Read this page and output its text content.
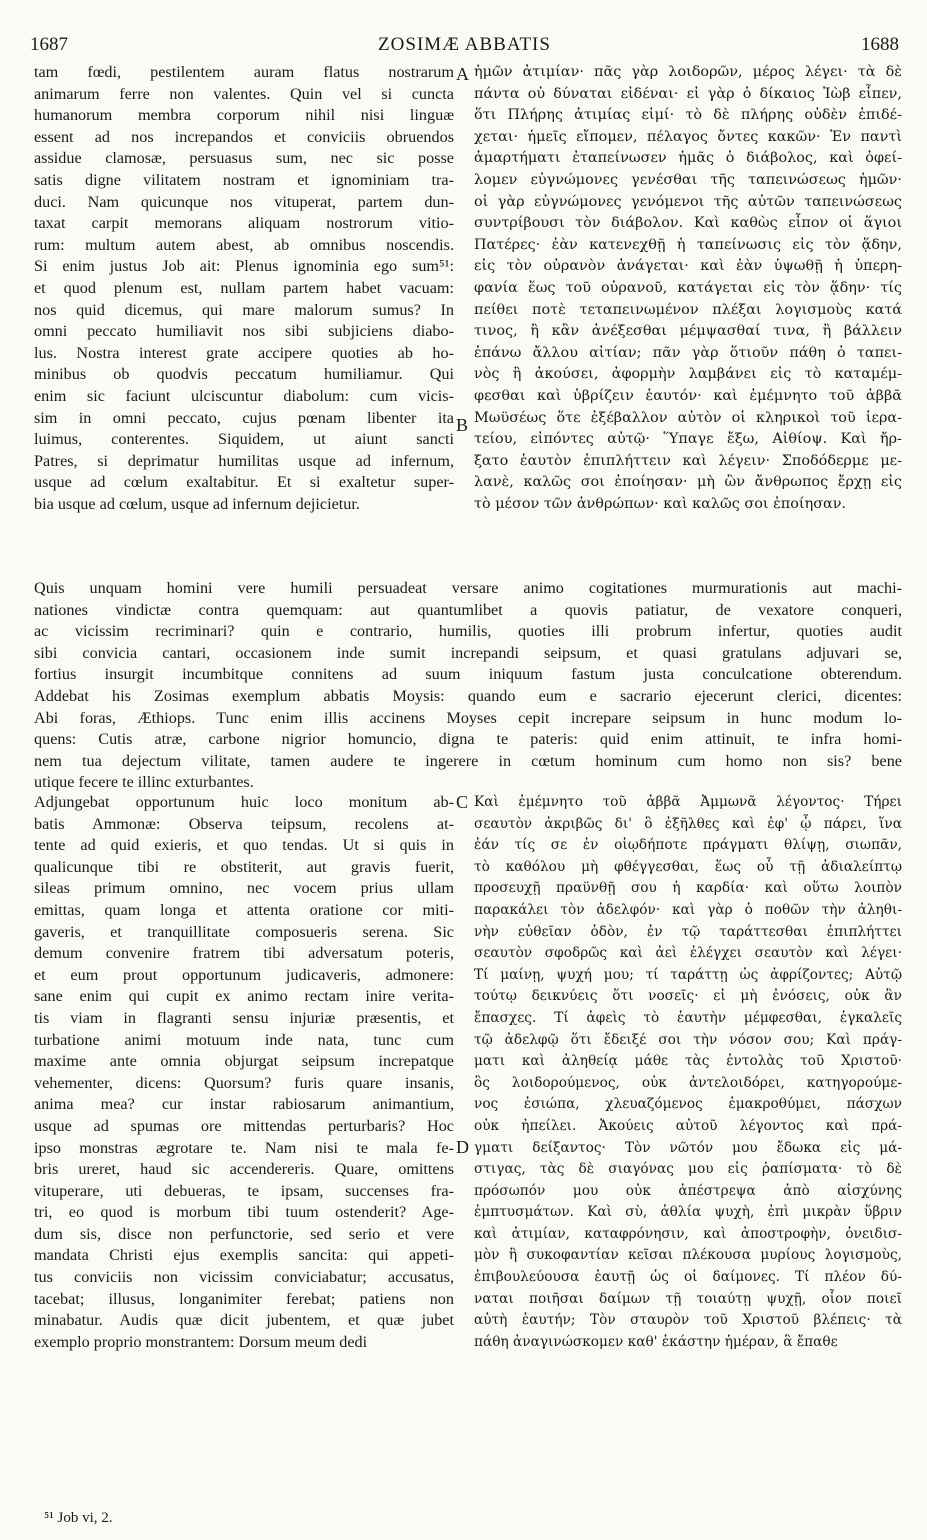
1687	ZOSIMÆ ABBATIS	1688
tam fœdi, pestilentem auram flatus nostrarum
animarum ferre non valentes. Quin vel si cuncta
humanorum membra corporum nihil nisi linguæ
essent ad nos increpandos et conviciis obruendos
assidue clamosæ, persuasus sum, nec sic posse
satis digne vilitatem nostram et ignominiam tra-
duci. Nam quicunque nos vituperat, partem dun-
taxat carpit memorans aliquam nostrorum vitio-
rum: multum autem abest, ab omnibus noscendis.
Si enim justus Job ait: Plenus ignominia ego sum⁵¹:
et quod plenum est, nullam partem habet vacuam:
nos quid dicemus, qui mare malorum sumus? In
omni peccato humiliavit nos sibi subjiciens diabo-
lus. Nostra interest grate accipere quoties ab ho-
minibus ob quodvis peccatum humiliamur. Qui
enim sic faciunt ulciscuntur diabolum: cum vicis-
sim in omni peccato, cujus pœnam libenter ita
luimus, conterentes. Siquidem, ut aiunt sancti
Patres, si deprimatur humilitas usque ad infernum,
usque ad cœlum exaltabitur. Et si exaltetur super-
bia usque ad cœlum, usque ad infernum dejicietur.
ἡμῶν ἀτιμίαν· πᾶς γὰρ λοιδορῶν, μέρος λέγει· τὰ δὲ
πάντα οὐ δύναται εἰδέναι· εἰ γὰρ ὁ δίκαιος Ἰὼβ εἶπεν,
ὅτι Πλήρης ἀτιμίας εἰμί· τὸ δὲ πλήρης οὐδὲν ἐπιδέ-
χεται· ἡμεῖς εἴπομεν, πέλαγος ὄντες κακῶν· Ἐν παντὶ
ἁμαρτήματι ἐταπείνωσεν ἡμᾶς ὁ διάβολος, καὶ ὀφεί-
λομεν εὐγνώμονες γενέσθαι τῆς ταπεινώσεως ἡμῶν·
οἱ γὰρ εὐγνώμονες γενόμενοι τῆς αὐτῶν ταπεινώσεως
συντρίβουσι τὸν διάβολον. Καὶ καθὼς εἶπον οἱ ἅγιοι
Πατέρες· ἐὰν κατενεχθῇ ἡ ταπείνωσις εἰς τὸν ᾅδην,
εἰς τὸν οὐρανὸν ἀνάγεται· καὶ ἐὰν ὑψωθῇ ἡ ὑπερη-
φανία ἕως τοῦ οὐρανοῦ, κατάγεται εἰς τὸν ᾅδην· τίς
πείθει ποτὲ τεταπεινωμένον πλέξαι λογισμοὺς κατά
τινος, ἢ κἂν ἀνέξεσθαι μέμψασθαί τινα, ἢ βάλλειν
ἐπάνω ἄλλου αἰτίαν; πᾶν γὰρ ὅτιοῦν πάθη ὁ ταπει-
νὸς ἢ ἀκούσει, ἀφορμὴν λαμβάνει εἰς τὸ καταμέμ-
φεσθαι καὶ ὑβρίζειν ἑαυτόν· καὶ ἐμέμνητο τοῦ ἀββᾶ
Μωϋσέως ὅτε ἐξέβαλλον αὐτὸν οἱ κληρικοὶ τοῦ ἱερα-
τείου, εἰπόντες αὐτῷ· Ὕπαγε ἔξω, Αἰθίοψ. Καὶ ἤρ-
ξατο ἑαυτὸν ἐπιπλήττειν καὶ λέγειν· Σποδόδερμε με-
λανὲ, καλῶς σοι ἐποίησαν· μὴ ὢν ἄνθρωπος ἔρχῃ εἰς
τὸ μέσον τῶν ἀνθρώπων· καὶ καλῶς σοι ἐποίησαν.
Quis unquam homini vere humili persuadeat versare animo cogitationes murmurationis aut machi-
nationes vindictæ contra quemquam: aut quantumlibet a quovis patiatur, de vexatore conqueri,
ac vicissim recriminari? quin e contrario, humilis, quoties illi probrum infertur, quoties audit
sibi convicia cantari, occasionem inde sumit increpandi seipsum, et quasi gratulans adjuvari se,
fortius insurgit incumbitque connitens ad suum iniquum fastum justa conculcatione obterendum.
Addebat his Zosimas exemplum abbatis Moysis: quando eum e sacrario ejecerunt clerici, dicentes:
Abi foras, Æthiops. Tunc enim illis accinens Moyses cepit increpare seipsum in hunc modum lo-
quens: Cutis atræ, carbone nigrior homuncio, digna te pateris: quid enim attinuit, te infra homi-
nem tua dejectum vilitate, tamen audere te ingerere in cœtum hominum cum homo non sis? bene
utique fecere te illinc exturbantes.
Adjungebat opportunum huic loco monitum ab-
batis Ammonæ: Observa teipsum, recolens at-
tente ad quid exieris, et quo tendas. Ut si quis in
qualicunque tibi re obstiterit, aut gravis fuerit,
sileas primum omnino, nec vocem prius ullam
emittas, quam longa et attenta oratione cor miti-
gaveris, et tranquillitate composueris serena. Sic
demum convenire fratrem tibi adversatum poteris,
et eum prout opportunum judicaveris, admonere:
sane enim qui cupit ex animo rectam inire verita-
tis viam in flagranti sensu injuriæ præsentis, et
turbatione animi motuum inde nata, tunc cum
maxime ante omnia objurgat seipsum increpatque
vehementer, dicens: Quorsum? furis quare insanis,
anima mea? cur instar rabiosarum animantium,
usque ad spumas ore mittendas perturbaris? Hoc
ipso monstras ægrotare te. Nam nisi te mala fe-
bris ureret, haud sic accendereris. Quare, omittens
vituperare, uti debueras, te ipsam, succenses fra-
tri, eo quod is morbum tibi tuum ostenderit? Age-
dum sis, disce non perfunctorie, sed serio et vere
mandata Christi ejus exemplis sancita: qui appeti-
tus conviciis non vicissim conviciabatur; accusatus,
tacebat; illusus, longanimiter ferebat; patiens non
minabatur. Audis quæ dicit jubentem, et quæ jubet
exemplo proprio monstrantem: Dorsum meum dedi
Καὶ ἐμέμνητο τοῦ ἀββᾶ Ἀμμωνᾶ λέγοντος· Τήρει
σεαυτὸν ἀκριβῶς δι' ὃ ἐξῆλθες καὶ ἐφ' ᾧ πάρει, ἵνα
ἐάν τίς σε ἐν οἱῳδήποτε πράγματι θλίψῃ, σιωπᾶν,
τὸ καθόλου μὴ φθέγγεσθαι, ἕως οὗ τῇ ἀδιαλείπτῳ
προσευχῇ πραϋνθῇ σου ἡ καρδία· καὶ οὕτω λοιπὸν
παρακάλει τὸν ἀδελφόν· καὶ γὰρ ὁ ποθῶν τὴν ἀληθι-
νὴν εὐθεῖαν ὁδὸν, ἐν τῷ ταράττεσθαι ἐπιπλήττει
σεαυτὸν σφοδρῶς καὶ ἀεὶ ἐλέγχει σεαυτὸν καὶ λέγει·
Τί μαίνῃ, ψυχή μου; τί ταράττῃ ὡς ἀφρίζοντες; Αὐτῷ
τούτῳ δεικνύεις ὅτι νοσεῖς· εἰ μὴ ἐνόσεις, οὐκ ἂν
ἔπασχες. Τί ἀφεὶς τὸ ἑαυτὴν μέμφεσθαι, ἐγκαλεῖς
τῷ ἀδελφῷ ὅτι ἔδειξέ σοι τὴν νόσον σου; Καὶ πράγ-
ματι καὶ ἀληθείᾳ μάθε τὰς ἐντολὰς τοῦ Χριστοῦ·
ὃς λοιδορούμενος, οὐκ ἀντελοιδόρει, κατηγορούμε-
νος ἐσιώπα, χλευαζόμενος ἐμακροθύμει, πάσχων
οὐκ ἠπείλει. Ἀκούεις αὐτοῦ λέγοντος καὶ πρά-
γματι δείξαντος· Τὸν νῶτόν μου ἔδωκα εἰς μά-
στιγας, τὰς δὲ σιαγόνας μου εἰς ῥαπίσματα· τὸ δὲ
πρόσωπόν μου οὐκ ἀπέστρεψα ἀπὸ αἰσχύνης
ἐμπτυσμάτων. Καὶ σὺ, ἀθλία ψυχὴ, ἐπὶ μικρὰν ὕβριν
καὶ ἀτιμίαν, καταφρόνησιν, καὶ ἀποστροφὴν, ὀνειδισ-
μὸν ἢ συκοφαντίαν κεῖσαι πλέκουσα μυρίους λογισμοὺς,
ἐπιβουλεύουσα ἑαυτῇ ὡς οἱ δαίμονες. Τί πλέον δύ-
ναται ποιῆσαι δαίμων τῇ τοιαύτῃ ψυχῇ, οἷον ποιεῖ
αὐτὴ ἑαυτήν; Τὸν σταυρὸν τοῦ Χριστοῦ βλέπεις· τὰ
πάθη ἀναγινώσκομεν καθ' ἑκάστην ἡμέραν, ἃ ἔπαθε
A
B
C
D
⁵¹ Job vi, 2.
